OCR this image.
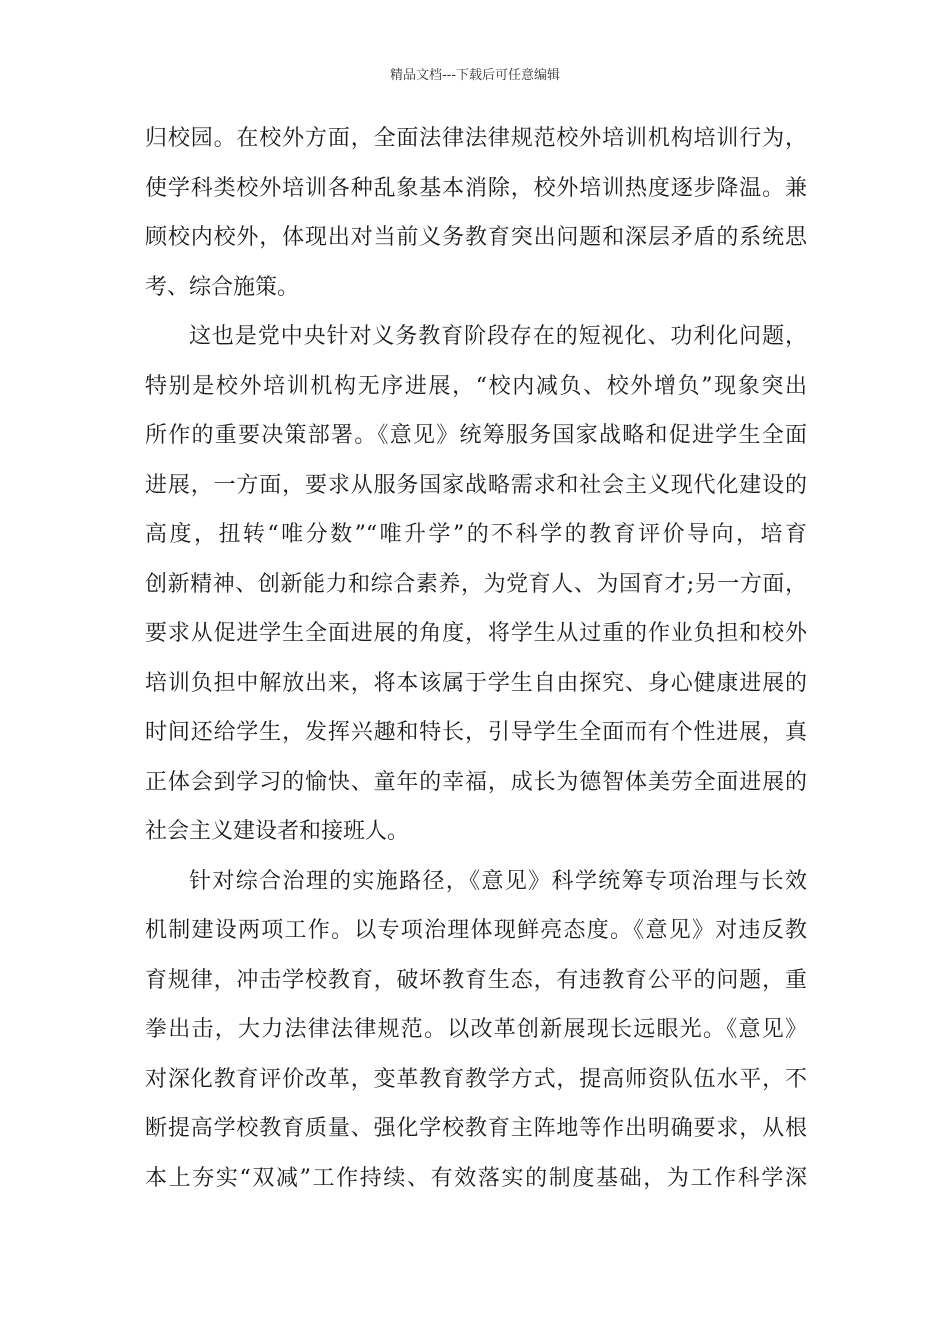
精品文档---下载后可任意编辑
归校园。在校外方面，全面法律法律规范校外培训机构培训行为，
使学科类校外培训各种乱象基本消除，校外培训热度逐步降温。兼
顾校内校外，体现出对当前义务教育突出问题和深层矛盾的系统思
考、综合施策。
这也是党中央针对义务教育阶段存在的短视化、功利化问题，
特别是校外培训机构无序进展，“校内减负、校外增负”现象突出
所作的重要决策部署。《意见》统筹服务国家战略和促进学生全面
进展，一方面，要求从服务国家战略需求和社会主义现代化建设的
高度，扭转“唯分数”“唯升学”的不科学的教育评价导向，培育
创新精神、创新能力和综合素养，为党育人、为国育才;另一方面，
要求从促进学生全面进展的角度，将学生从过重的作业负担和校外
培训负担中解放出来，将本该属于学生自由探究、身心健康进展的
时间还给学生，发挥兴趣和特长，引导学生全面而有个性进展，真
正体会到学习的愉快、童年的幸福，成长为德智体美劳全面进展的
社会主义建设者和接班人。
针对综合治理的实施路径，《意见》科学统筹专项治理与长效
机制建设两项工作。以专项治理体现鲜亮态度。《意见》对违反教
育规律，冲击学校教育，破坏教育生态，有违教育公平的问题，重
拳出击，大力法律法律规范。以改革创新展现长远眼光。《意见》
对深化教育评价改革，变革教育教学方式，提高师资队伍水平，不
断提高学校教育质量、强化学校教育主阵地等作出明确要求，从根
本上夯实“双减”工作持续、有效落实的制度基础，为工作科学深
